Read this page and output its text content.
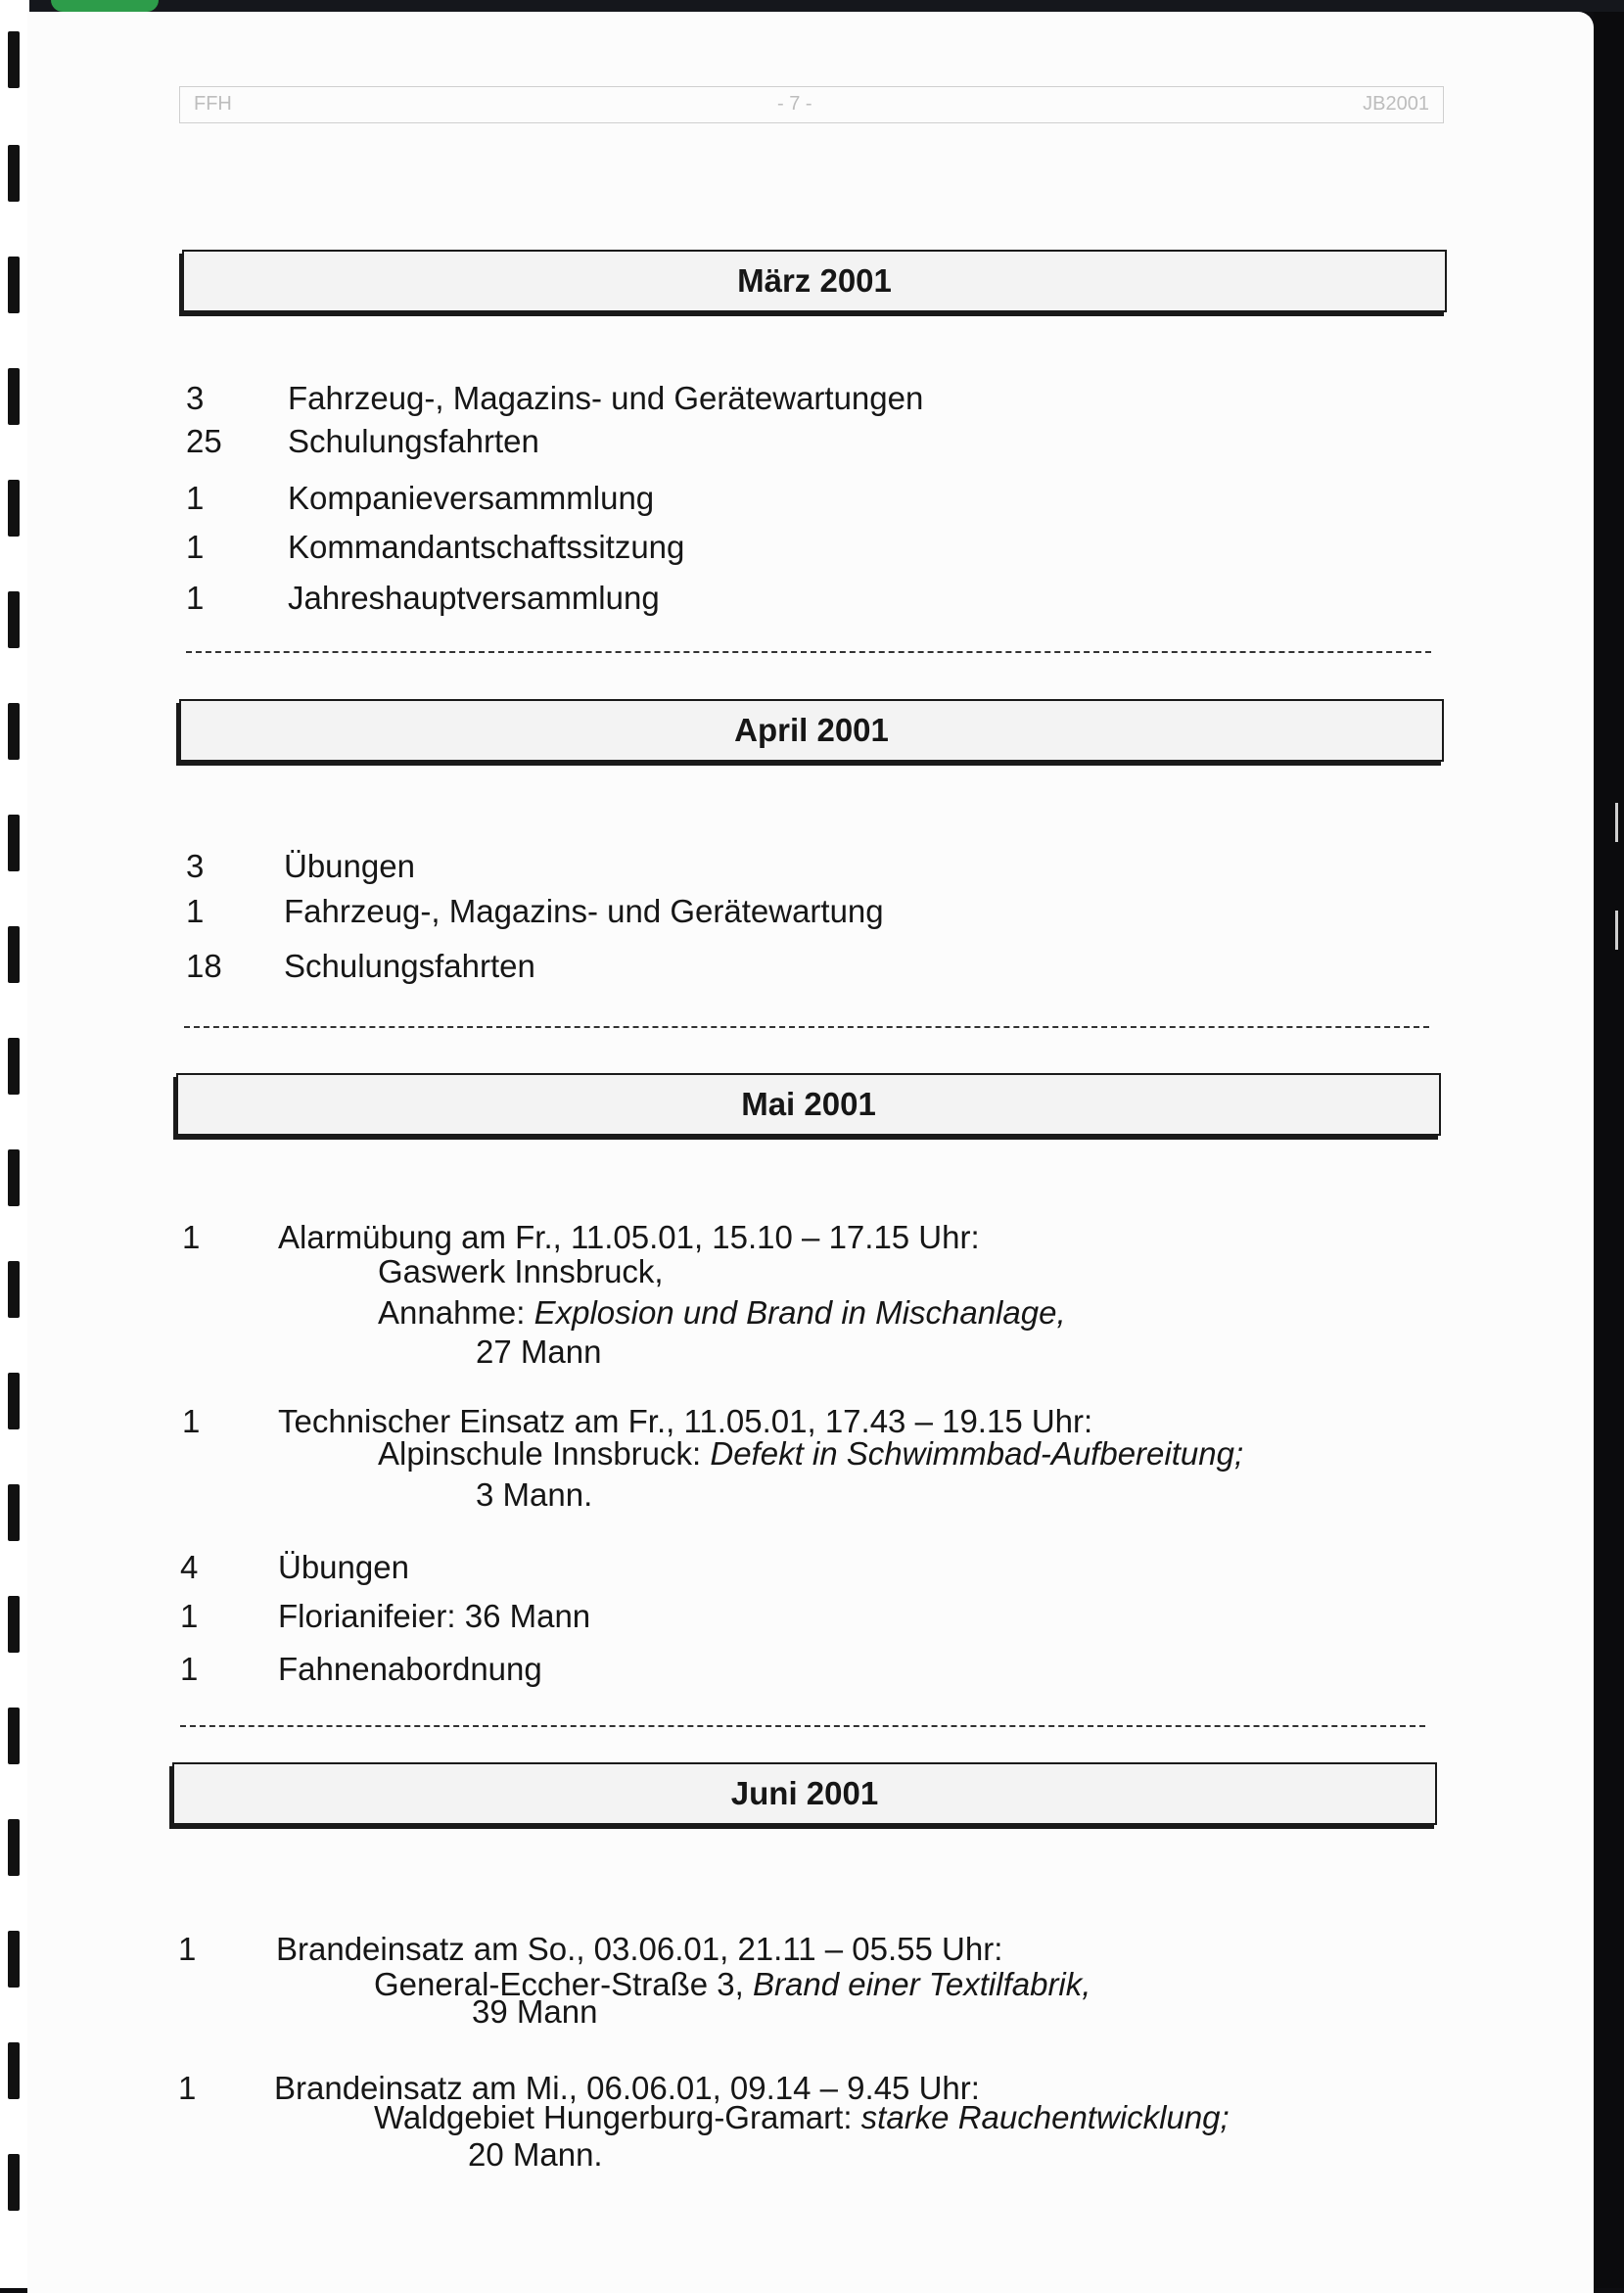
FFH	- 7 -	JB2001
März 2001
3	Fahrzeug-, Magazins- und Gerätewartungen
25 Schulungsfahrten
1	Kompanieversammmlung
1	Kommandantschaftssitzung
1	Jahreshauptversammlung
April 2001
3 Übungen
1 Fahrzeug-, Magazins- und Gerätewartung
18 Schulungsfahrten
Mai 2001
1 Alarmübung am Fr., 11.05.01, 15.10 – 17.15 Uhr:
Gaswerk Innsbruck,
Annahme: Explosion und Brand in Mischanlage,
27 Mann
1 Technischer Einsatz am Fr., 11.05.01, 17.43 – 19.15 Uhr:
Alpinschule Innsbruck: Defekt in Schwimmbad-Aufbereitung;
3 Mann.
4 Übungen
1 Florianifeier: 36 Mann
1 Fahnenabordnung
Juni 2001
1 Brandeinsatz am So., 03.06.01, 21.11 – 05.55 Uhr:
General-Eccher-Straße 3, Brand einer Textilfabrik,
39 Mann
1 Brandeinsatz am Mi., 06.06.01, 09.14 – 9.45 Uhr:
Waldgebiet Hungerburg-Gramart: starke Rauchentwicklung;
20 Mann.
